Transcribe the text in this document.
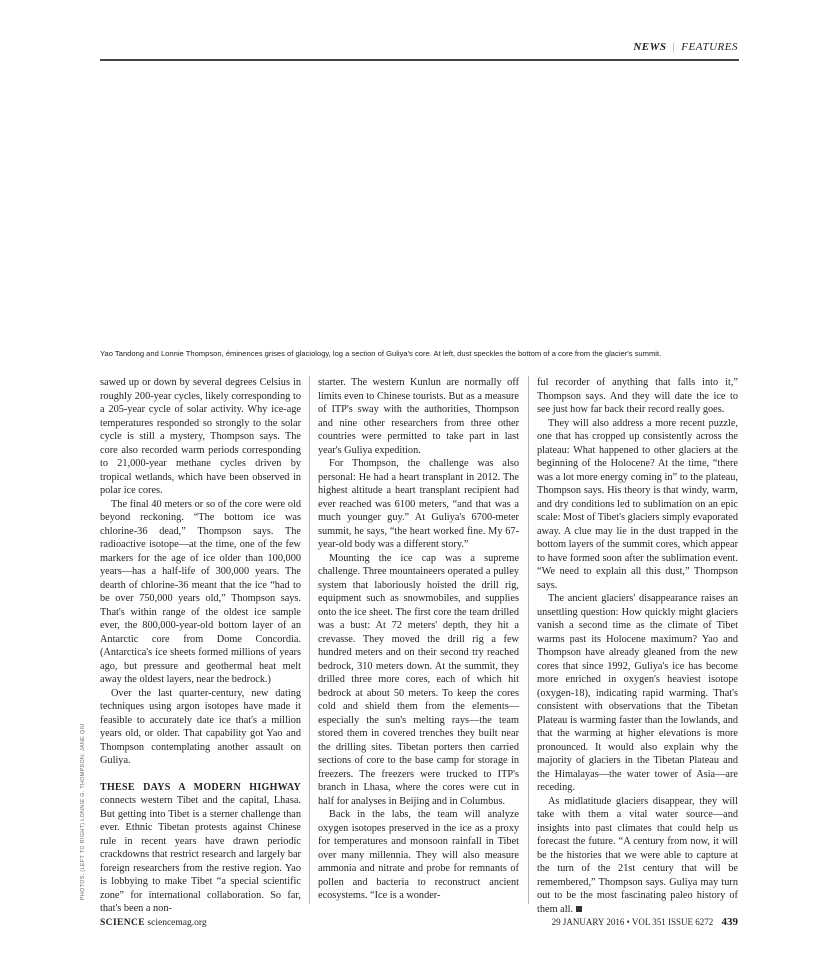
NEWS | FEATURES
Yao Tandong and Lonnie Thompson, éminences grises of glaciology, log a section of Guliya's core. At left, dust speckles the bottom of a core from the glacier's summit.
PHOTOS: (LEFT TO RIGHT) LONNIE G. THOMPSON; JANE QIU

sawed up or down by several degrees Celsius in roughly 200-year cycles, likely corresponding to a 205-year cycle of solar activity. Why ice-age temperatures responded so strongly to the solar cycle is still a mystery, Thompson says. The core also recorded warm periods corresponding to 21,000-year methane cycles driven by tropical wetlands, which have been observed in polar ice cores.

The final 40 meters or so of the core were old beyond reckoning. “The bottom ice was chlorine-36 dead,” Thompson says. The radioactive isotope—at the time, one of the few markers for the age of ice older than 100,000 years—has a half-life of 300,000 years. The dearth of chlorine-36 meant that the ice “had to be over 750,000 years old,” Thompson says. That's within range of the oldest ice sample ever, the 800,000-year-old bottom layer of an Antarctic core from Dome Concordia. (Antarctica's ice sheets formed millions of years ago, but pressure and geothermal heat melt away the oldest layers, near the bedrock.)

Over the last quarter-century, new dating techniques using argon isotopes have made it feasible to accurately date ice that's a million years old, or older. That capability got Yao and Thompson contemplating another assault on Guliya.

THESE DAYS A MODERN HIGHWAY connects western Tibet and the capital, Lhasa. But getting into Tibet is a sterner challenge than ever. Ethnic Tibetan protests against Chinese rule in recent years have drawn periodic crackdowns that restrict research and largely bar foreign researchers from the restive region. Yao is lobbying to make Tibet “a special scientific zone” for international collaboration. So far, that's been a non-

starter. The western Kunlun are normally off limits even to Chinese tourists. But as a measure of ITP's sway with the authorities, Thompson and nine other researchers from three other countries were permitted to take part in last year's Guliya expedition.

For Thompson, the challenge was also personal: He had a heart transplant in 2012. The highest altitude a heart transplant recipient had ever reached was 6100 meters, “and that was a much younger guy.” At Guliya's 6700-meter summit, he says, “the heart worked fine. My 67-year-old body was a different story.”

Mounting the ice cap was a supreme challenge. Three mountaineers operated a pulley system that laboriously hoisted the drill rig, equipment such as snowmobiles, and supplies onto the ice sheet. The first core the team drilled was a bust: At 72 meters' depth, they hit a crevasse. They moved the drill rig a few hundred meters and on their second try reached bedrock, 310 meters down. At the summit, they drilled three more cores, each of which hit bedrock at about 50 meters. To keep the cores cold and shield them from the elements—especially the sun's melting rays—the team stored them in covered trenches they built near the drilling sites. Tibetan porters then carried sections of core to the base camp for storage in freezers. The freezers were trucked to ITP's branch in Lhasa, where the cores were cut in half for analyses in Beijing and in Columbus.

Back in the labs, the team will analyze oxygen isotopes preserved in the ice as a proxy for temperatures and monsoon rainfall in Tibet over many millennia. They will also measure ammonia and nitrate and probe for remnants of pollen and bacteria to reconstruct ancient ecosystems. “Ice is a wonder-

ful recorder of anything that falls into it,” Thompson says. And they will date the ice to see just how far back their record really goes.

They will also address a more recent puzzle, one that has cropped up consistently across the plateau: What happened to other glaciers at the beginning of the Holocene? At the time, “there was a lot more energy coming in” to the plateau, Thompson says. His theory is that windy, warm, and dry conditions led to sublimation on an epic scale: Most of Tibet's glaciers simply evaporated away. A clue may lie in the dust trapped in the bottom layers of the summit cores, which appear to have formed soon after the sublimation event. “We need to explain all this dust,” Thompson says.

The ancient glaciers' disappearance raises an unsettling question: How quickly might glaciers vanish a second time as the climate of Tibet warms past its Holocene maximum? Yao and Thompson have already gleaned from the new cores that since 1992, Guliya's ice has become more enriched in oxygen's heaviest isotope (oxygen-18), indicating rapid warming. That's consistent with observations that the Tibetan Plateau is warming faster than the lowlands, and that the warming at higher elevations is more pronounced. It would also explain why the majority of glaciers in the Tibetan Plateau and the Himalayas—the water tower of Asia—are receding.

As midlatitude glaciers disappear, they will take with them a vital water source—and insights into past climates that could help us forecast the future. “A century from now, it will be the histories that we were able to capture at the turn of the 21st century that will be remembered,” Thompson says. Guliya may turn out to be the most fascinating paleo history of them all.

SCIENCE sciencemag.org	29 JANUARY 2016 • VOL 351 ISSUE 6272 439
